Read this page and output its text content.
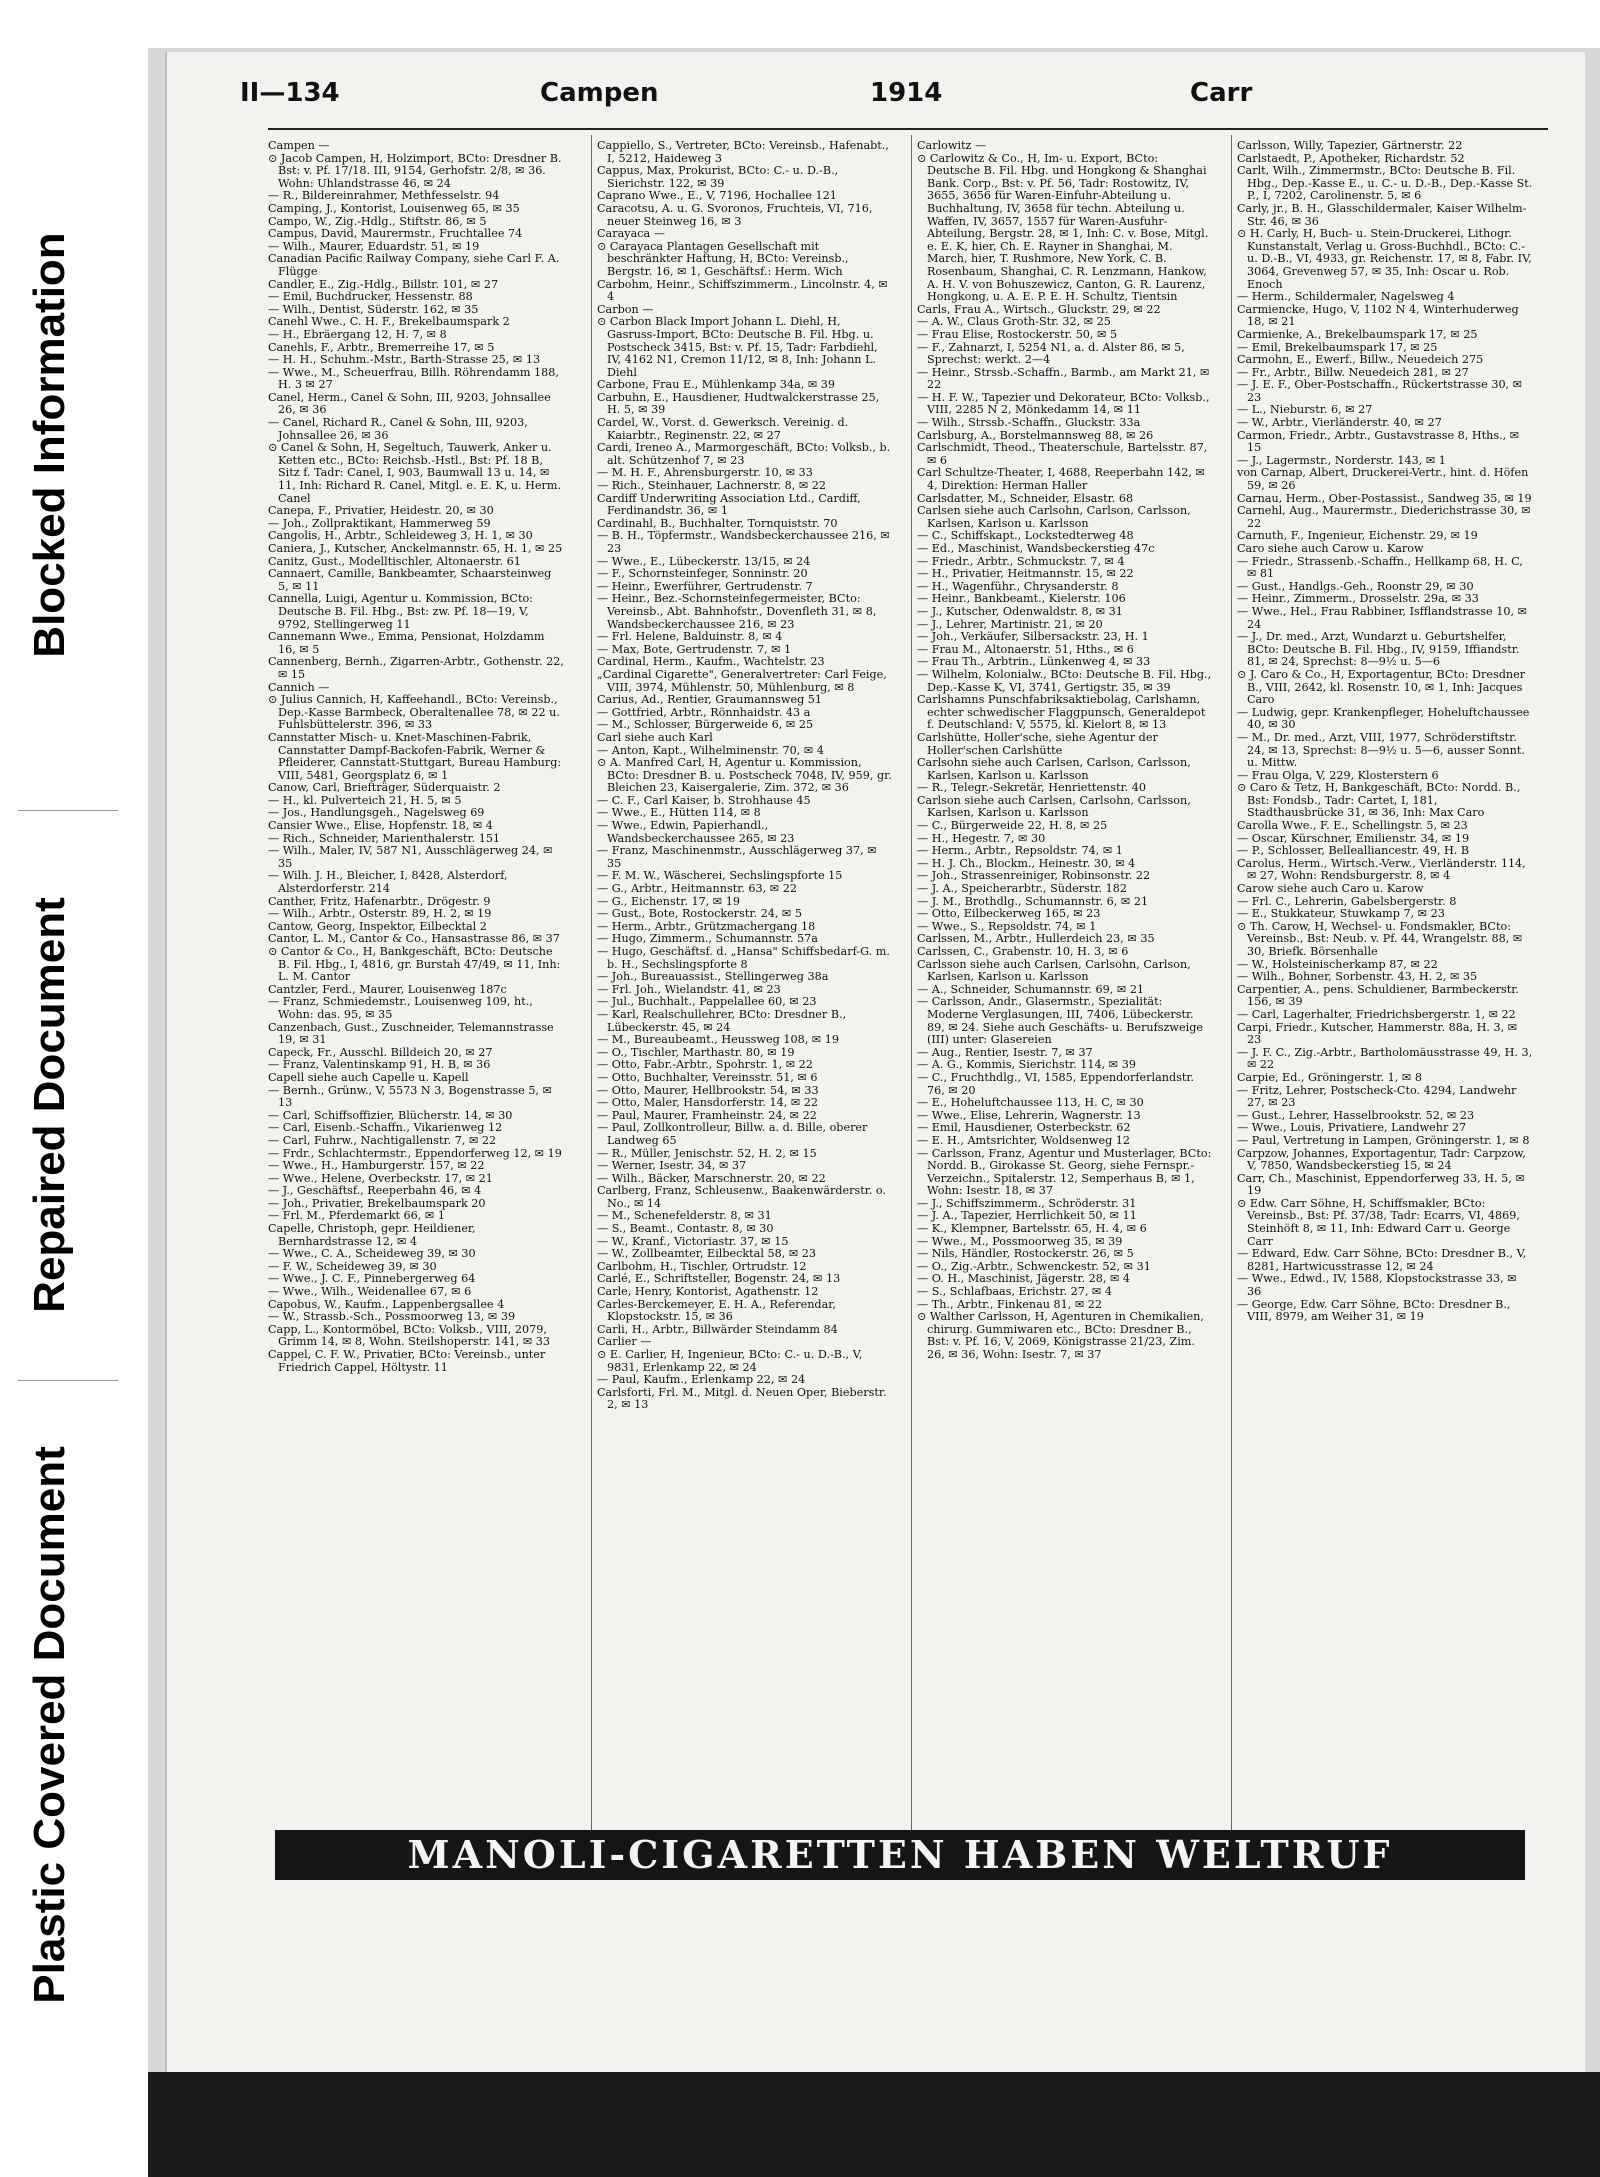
Blocked Information
Repaired Document
Plastic Covered Document
II—134	Campen	1914	Carr
Campen —
⊙ Jacob Campen, H, Holzimport, BCto: Dresdner B. Bst: v. Pf. 17/18. III, 9154, Gerhofstr. 2/8, ✉ 36. Wohn: Uhlandstrasse 46, ✉ 24
— R., Bildereinrahmer, Methfesselstr. 94
Camping, J., Kontorist, Louisenweg 65, ✉ 35
Campo, W., Zig.-Hdlg., Stiftstr. 86, ✉ 5
Campus, David, Maurermstr., Fruchtallee 74
— Wilh., Maurer, Eduardstr. 51, ✉ 19
Canadian Pacific Railway Company, siehe Carl F. A. Flügge
Candler, E., Zig.-Hdlg., Billstr. 101, ✉ 27
— Emil, Buchdrucker, Hessenstr. 88
— Wilh., Dentist, Süderstr. 162, ✉ 35
Canehl Wwe., C. H. F., Brekelbaumspark 2
— H., Ebräergang 12, H. 7, ✉ 8
Canehls, F., Arbtr., Bremerreihe 17, ✉ 5
— H. H., Schuhm.-Mstr., Barth-Strasse 25, ✉ 13
— Wwe., M., Scheuerfrau, Billh. Röhrendamm 188, H. 3 ✉ 27
Canel, Herm., Canel & Sohn, III, 9203, Johnsallee 26, ✉ 36
— Canel, Richard R., Canel & Sohn, III, 9203, Johnsallee 26, ✉ 36
⊙ Canel & Sohn, H, Segeltuch, Tauwerk, Anker u. Ketten etc., BCto: Reichsb.-Hstl., Bst: Pf. 18 B, Sitz f. Tadr: Canel, I, 903, Baumwall 13 u. 14, ✉ 11, Inh: Richard R. Canel, Mitgl. e. E. K, u. Herm. Canel
Canepa, F., Privatier, Heidestr. 20, ✉ 30
— Joh., Zollpraktikant, Hammerweg 59
Cangolis, H., Arbtr., Schleideweg 3, H. 1, ✉ 30
Caniera, J., Kutscher, Anckelmannstr. 65, H. 1, ✉ 25
Canitz, Gust., Modelltischler, Altonaerstr. 61
Cannaert, Camille, Bankbeamter, Schaarsteinweg 5, ✉ 11
Cannella, Luigi, Agentur u. Kommission, BCto: Deutsche B. Fil. Hbg., Bst: zw. Pf. 18—19, V, 9792, Stellingerweg 11
Cannemann Wwe., Emma, Pensionat, Holzdamm 16, ✉ 5
Cannenberg, Bernh., Zigarren-Arbtr., Gothenstr. 22, ✉ 15
Cannich —
⊙ Julius Cannich, H, Kaffeehandl., BCto: Vereinsb., Dep.-Kasse Barmbeck, Oberaltenallee 78, ✉ 22 u. Fuhlsbüttelerstr. 396, ✉ 33
Cannstatter Misch- u. Knet-Maschinen-Fabrik, Cannstatter Dampf-Backofen-Fabrik, Werner & Pfleiderer, Cannstatt-Stuttgart, Bureau Hamburg: VIII, 5481, Georgsplatz 6, ✉ 1
Canow, Carl, Briefträger, Süderquaistr. 2
— H., kl. Pulverteich 21, H. 5, ✉ 5
— Jos., Handlungsgeh., Nagelsweg 69
Cansier Wwe., Elise, Hopfenstr. 18, ✉ 4
— Rich., Schneider, Marienthalerstr. 151
— Wilh., Maler, IV, 587 N1, Ausschlägerweg 24, ✉ 35
— Wilh. J. H., Bleicher, I, 8428, Alsterdorf, Alsterdorferstr. 214
Canther, Fritz, Hafenarbtr., Drögestr. 9
— Wilh., Arbtr., Osterstr. 89, H. 2, ✉ 19
Cantow, Georg, Inspektor, Eilbecktal 2
Cantor, L. M., Cantor & Co., Hansastrasse 86, ✉ 37
⊙ Cantor & Co., H, Bankgeschäft, BCto: Deutsche B. Fil. Hbg., I, 4816, gr. Burstah 47/49, ✉ 11, Inh: L. M. Cantor
Cantzler, Ferd., Maurer, Louisenweg 187c
— Franz, Schmiedemstr., Louisenweg 109, ht., Wohn: das. 95, ✉ 35
Canzenbach, Gust., Zuschneider, Telemannstrasse 19, ✉ 31
Capeck, Fr., Ausschl. Billdeich 20, ✉ 27
— Franz, Valentinskamp 91, H. B, ✉ 36
Capell siehe auch Capelle u. Kapell
— Bernh., Grünw., V, 5573 N 3, Bogenstrasse 5, ✉ 13
— Carl, Schiffsoffizier, Blücherstr. 14, ✉ 30
— Carl, Eisenb.-Schaffn., Vikarienweg 12
— Carl, Fuhrw., Nachtigallenstr. 7, ✉ 22
— Frdr., Schlachtermstr., Eppendorferweg 12, ✉ 19
— Wwe., H., Hamburgerstr. 157, ✉ 22
— Wwe., Helene, Overbeckstr. 17, ✉ 21
— J., Geschäftsf., Reeperbahn 46, ✉ 4
— Joh., Privatier, Brekelbaumspark 20
— Frl. M., Pferdemarkt 66, ✉ 1
Capelle, Christoph, gepr. Heildiener, Bernhardstrasse 12, ✉ 4
— Wwe., C. A., Scheideweg 39, ✉ 30
— F. W., Scheideweg 39, ✉ 30
— Wwe., J. C. F., Pinnebergerweg 64
— Wwe., Wilh., Weidenallee 67, ✉ 6
Capobus, W., Kaufm., Lappenbergsallee 4
— W., Strassb.-Sch., Possmoorweg 13, ✉ 39
Capp, L., Kontormöbel, BCto: Volksb., VIII, 2079, Grimm 14, ✉ 8, Wohn. Steilshoperstr. 141, ✉ 33
Cappel, C. F. W., Privatier, BCto: Vereinsb., unter Friedrich Cappel, Höltystr. 11
Cappiello, S., Vertreter, BCto: Vereinsb., Hafenabt., I, 5212, Haideweg 3
Cappus, Max, Prokurist, BCto: C.- u. D.-B., Sierichstr. 122, ✉ 39
Caprano Wwe., E., V, 7196, Hochallee 121
Caracotsu, A. u. G. Svoronos, Fruchteis, VI, 716, neuer Steinweg 16, ✉ 3
Carayaca —
⊙ Carayaca Plantagen Gesellschaft mit beschränkter Haftung, H, BCto: Vereinsb., Bergstr. 16, ✉ 1, Geschäftsf.: Herm. Wich
Carbohm, Heinr., Schiffszimmerm., Lincolnstr. 4, ✉ 4
Carbon —
⊙ Carbon Black Import Johann L. Diehl, H, Gasruss-Import, BCto: Deutsche B. Fil. Hbg. u. Postscheck 3415, Bst: v. Pf. 15, Tadr: Farbdiehl, IV, 4162 N1, Cremon 11/12, ✉ 8, Inh: Johann L. Diehl
Carbone, Frau E., Mühlenkamp 34a, ✉ 39
Carbuhn, E., Hausdiener, Hudtwalckerstrasse 25, H. 5, ✉ 39
Cardel, W., Vorst. d. Gewerksch. Vereinig. d. Kaiarbtr., Reginenstr. 22, ✉ 27
Cardi, Ireneo A., Marmorgeschäft, BCto: Volksb., b. alt. Schützenhof 7, ✉ 23
— M. H. F., Ahrensburgerstr. 10, ✉ 33
— Rich., Steinhauer, Lachnerstr. 8, ✉ 22
Cardiff Underwriting Association Ltd., Cardiff, Ferdinandstr. 36, ✉ 1
Cardinahl, B., Buchhalter, Tornquiststr. 70
— B. H., Töpfermstr., Wandsbeckerchaussee 216, ✉ 23
— Wwe., E., Lübeckerstr. 13/15, ✉ 24
— F., Schornsteinfeger, Sonninstr. 20
— Heinr., Ewerführer, Gertrudenstr. 7
— Heinr., Bez.-Schornsteinfegermeister, BCto: Vereinsb., Abt. Bahnhofstr., Dovenfleth 31, ✉ 8, Wandsbeckerchaussee 216, ✉ 23
— Frl. Helene, Balduinstr. 8, ✉ 4
— Max, Bote, Gertrudenstr. 7, ✉ 1
Cardinal, Herm., Kaufm., Wachtelstr. 23
„Cardinal Cigarette", Generalvertreter: Carl Feige, VIII, 3974, Mühlenstr. 50, Mühlenburg, ✉ 8
Carius, Ad., Rentier, Graumannsweg 51
— Gottfried, Arbtr., Rönnhaidstr. 43 a
— M., Schlosser, Bürgerweide 6, ✉ 25
Carl siehe auch Karl
— Anton, Kapt., Wilhelminenstr. 70, ✉ 4
⊙ A. Manfred Carl, H, Agentur u. Kommission, BCto: Dresdner B. u. Postscheck 7048, IV, 959, gr. Bleichen 23, Kaisergalerie, Zim. 372, ✉ 36
— C. F., Carl Kaiser, b. Strohhause 45
— Wwe., E., Hütten 114, ✉ 8
— Wwe., Edwin, Papierhandl., Wandsbeckerchaussee 265, ✉ 23
— Franz, Maschinenmstr., Ausschlägerweg 37, ✉ 35
— F. M. W., Wäscherei, Sechslingspforte 15
— G., Arbtr., Heitmannstr. 63, ✉ 22
— G., Eichenstr. 17, ✉ 19
— Gust., Bote, Rostockerstr. 24, ✉ 5
— Herm., Arbtr., Grützmachergang 18
— Hugo, Zimmerm., Schumannstr. 57a
— Hugo, Geschäftsf. d. „Hansa" Schiffsbedarf-G. m. b. H., Sechslingspforte 8
— Joh., Bureauassist., Stellingerweg 38a
— Frl. Joh., Wielandstr. 41, ✉ 23
— Jul., Buchhalt., Pappelallee 60, ✉ 23
— Karl, Realschullehrer, BCto: Dresdner B., Lübeckerstr. 45, ✉ 24
— M., Bureaubeamt., Heussweg 108, ✉ 19
— O., Tischler, Marthastr. 80, ✉ 19
— Otto, Fabr.-Arbtr., Spohrstr. 1, ✉ 22
— Otto, Buchhalter, Vereinsstr. 51, ✉ 6
— Otto, Maurer, Hellbrookstr. 54, ✉ 33
— Otto, Maler, Hansdorferstr. 14, ✉ 22
— Paul, Maurer, Framheinstr. 24, ✉ 22
— Paul, Zollkontrolleur, Billw. a. d. Bille, oberer Landweg 65
— R., Müller, Jenischstr. 52, H. 2, ✉ 15
— Werner, Isestr. 34, ✉ 37
— Wilh., Bäcker, Marschnerstr. 20, ✉ 22
Carlberg, Franz, Schleusenw., Baakenwärderstr. o. No., ✉ 14
— M., Schenefelderstr. 8, ✉ 31
— S., Beamt., Contastr. 8, ✉ 30
— W., Kranf., Victoriastr. 37, ✉ 15
— W., Zollbeamter, Eilbecktal 58, ✉ 23
Carlbohm, H., Tischler, Ortrudstr. 12
Carlé, E., Schriftsteller, Bogenstr. 24, ✉ 13
Carle, Henry, Kontorist, Agathenstr. 12
Carles-Berckemeyer, E. H. A., Referendar, Klopstockstr. 15, ✉ 36
Carli, H., Arbtr., Billwärder Steindamm 84
Carlier —
⊙ E. Carlier, H, Ingenieur, BCto: C.- u. D.-B., V, 9831, Erlenkamp 22, ✉ 24
— Paul, Kaufm., Erlenkamp 22, ✉ 24
Carlsforti, Frl. M., Mitgl. d. Neuen Oper, Bieberstr. 2, ✉ 13
Carlowitz —
⊙ Carlowitz & Co., H, Im- u. Export, BCto: Deutsche B. Fil. Hbg. und Hongkong & Shanghai Bank. Corp., Bst: v. Pf. 56, Tadr: Rostowitz, IV, 3655, 3656 für Waren-Einfuhr-Abteilung u. Buchhaltung, IV, 3658 für techn. Abteilung u. Waffen, IV, 3657, 1557 für Waren-Ausfuhr-Abteilung, Bergstr. 28, ✉ 1, Inh: C. v. Bose, Mitgl. e. E. K, hier, Ch. E. Rayner in Shanghai, M. March, hier, T. Rushmore, New York, C. B. Rosenbaum, Shanghai, C. R. Lenzmann, Hankow, A. H. V. von Bohuszewicz, Canton, G. R. Laurenz, Hongkong, u. A. E. P. E. H. Schultz, Tientsin
Carls, Frau A., Wirtsch., Gluckstr. 29, ✉ 22
— A. W., Claus Groth-Str. 32, ✉ 25
— Frau Elise, Rostockerstr. 50, ✉ 5
— F., Zahnarzt, I, 5254 N1, a. d. Alster 86, ✉ 5, Sprechst: werkt. 2—4
— Heinr., Strssb.-Schaffn., Barmb., am Markt 21, ✉ 22
— H. F. W., Tapezier und Dekorateur, BCto: Volksb., VIII, 2285 N 2, Mönkedamm 14, ✉ 11
— Wilh., Strssb.-Schaffn., Gluckstr. 33a
Carlsburg, A., Borstelmannsweg 88, ✉ 26
Carlschmidt, Theod., Theaterschule, Bartelsstr. 87, ✉ 6
Carl Schultze-Theater, I, 4688, Reeperbahn 142, ✉ 4, Direktion: Herman Haller
Carlsdatter, M., Schneider, Elsastr. 68
Carlsen siehe auch Carlsohn, Carlson, Carlsson, Karlsen, Karlson u. Karlsson
— C., Schiffskapt., Lockstedterweg 48
— Ed., Maschinist, Wandsbeckerstieg 47c
— Friedr., Arbtr., Schmuckstr. 7, ✉ 4
— H., Privatier, Heitmannstr. 15, ✉ 22
— H., Wagenführ., Chrysanderstr. 8
— Heinr., Bankbeamt., Kielerstr. 106
— J., Kutscher, Odenwaldstr. 8, ✉ 31
— J., Lehrer, Martinistr. 21, ✉ 20
— Joh., Verkäufer, Silbersackstr. 23, H. 1
— Frau M., Altonaerstr. 51, Hths., ✉ 6
— Frau Th., Arbtrin., Lünkenweg 4, ✉ 33
— Wilhelm, Kolonialw., BCto: Deutsche B. Fil. Hbg., Dep.-Kasse K, VI, 3741, Gertigstr. 35, ✉ 39
Carlshamns Punschfabriksaktiebolag, Carlshamn, echter schwedischer Flaggpunsch, Generaldepot f. Deutschland: V, 5575, kl. Kielort 8, ✉ 13
Carlshütte, Holler'sche, siehe Agentur der Holler'schen Carlshütte
Carlsohn siehe auch Carlsen, Carlson, Carlsson, Karlsen, Karlson u. Karlsson
— R., Telegr.-Sekretär, Henriettenstr. 40
Carlson siehe auch Carlsen, Carlsohn, Carlsson, Karlsen, Karlson u. Karlsson
— C., Bürgerweide 22, H. 8, ✉ 25
— H., Hegestr. 7, ✉ 30
— Herm., Arbtr., Repsoldstr. 74, ✉ 1
— H. J. Ch., Blockm., Heinestr. 30, ✉ 4
— Joh., Strassenreiniger, Robinsonstr. 22
— J. A., Speicherarbtr., Süderstr. 182
— J. M., Brothdlg., Schumannstr. 6, ✉ 21
— Otto, Eilbeckerweg 165, ✉ 23
— Wwe., S., Repsoldstr. 74, ✉ 1
Carlssen, M., Arbtr., Hullerdeich 23, ✉ 35
Carlssen, C., Grabenstr. 10, H. 3, ✉ 6
Carlsson siehe auch Carlsen, Carlsohn, Carlson, Karlsen, Karlson u. Karlsson
— A., Schneider, Schumannstr. 69, ✉ 21
— Carlsson, Andr., Glasermstr., Spezialität: Moderne Verglasungen, III, 7406, Lübeckerstr. 89, ✉ 24. Siehe auch Geschäfts- u. Berufszweige (III) unter: Glasereien
— Aug., Rentier, Isestr. 7, ✉ 37
— A. G., Kommis, Sierichstr. 114, ✉ 39
— C., Fruchthdlg., VI, 1585, Eppendorferlandstr. 76, ✉ 20
— E., Hoheluftchaussee 113, H. C, ✉ 30
— Wwe., Elise, Lehrerin, Wagnerstr. 13
— Emil, Hausdiener, Osterbeckstr. 62
— E. H., Amtsrichter, Woldsenweg 12
— Carlsson, Franz, Agentur und Musterlager, BCto: Nordd. B., Girokasse St. Georg, siehe Fernspr.-Verzeichn., Spitalerstr. 12, Semperhaus B, ✉ 1, Wohn: Isestr. 18, ✉ 37
— J., Schiffszimmerm., Schröderstr. 31
— J. A., Tapezier, Herrlichkeit 50, ✉ 11
— K., Klempner, Bartelsstr. 65, H. 4, ✉ 6
— Wwe., M., Possmoorweg 35, ✉ 39
— Nils, Händler, Rostockerstr. 26, ✉ 5
— O., Zig.-Arbtr., Schwenckestr. 52, ✉ 31
— O. H., Maschinist, Jägerstr. 28, ✉ 4
— S., Schlafbaas, Erichstr. 27, ✉ 4
— Th., Arbtr., Finkenau 81, ✉ 22
⊙ Walther Carlsson, H, Agenturen in Chemikalien, chirurg. Gummiwaren etc., BCto: Dresdner B., Bst: v. Pf. 16, V, 2069, Königstrasse 21/23, Zim. 26, ✉ 36, Wohn: Isestr. 7, ✉ 37
Carlsson, Willy, Tapezier, Gärtnerstr. 22
Carlstaedt, P., Apotheker, Richardstr. 52
Carlt, Wilh., Zimmermstr., BCto: Deutsche B. Fil. Hbg., Dep.-Kasse E., u. C.- u. D.-B., Dep.-Kasse St. P., I, 7202, Carolinenstr. 5, ✉ 6
Carly, jr., B. H., Glasschildermaler, Kaiser Wilhelm-Str. 46, ✉ 36
⊙ H. Carly, H, Buch- u. Stein-Druckerei, Lithogr. Kunstanstalt, Verlag u. Gross-Buchhdl., BCto: C.- u. D.-B., VI, 4933, gr. Reichenstr. 17, ✉ 8, Fabr. IV, 3064, Grevenweg 57, ✉ 35, Inh: Oscar u. Rob. Enoch
— Herm., Schildermaler, Nagelsweg 4
Carmiencke, Hugo, V, 1102 N 4, Winterhuderweg 18, ✉ 21
Carmienke, A., Brekelbaumspark 17, ✉ 25
— Emil, Brekelbaumspark 17, ✉ 25
Carmohn, E., Ewerf., Billw., Neuedeich 275
— Fr., Arbtr., Billw. Neuedeich 281, ✉ 27
— J. E. F., Ober-Postschaffn., Rückertstrasse 30, ✉ 23
— L., Nieburstr. 6, ✉ 27
— W., Arbtr., Vierländerstr. 40, ✉ 27
Carmon, Friedr., Arbtr., Gustavstrasse 8, Hths., ✉ 15
— J., Lagermstr., Norderstr. 143, ✉ 1
von Carnap, Albert, Druckerei-Vertr., hint. d. Höfen 59, ✉ 26
Carnau, Herm., Ober-Postassist., Sandweg 35, ✉ 19
Carnehl, Aug., Maurermstr., Diederichstrasse 30, ✉ 22
Carnuth, F., Ingenieur, Eichenstr. 29, ✉ 19
Caro siehe auch Carow u. Karow
— Friedr., Strassenb.-Schaffn., Hellkamp 68, H. C, ✉ 81
— Gust., Handlgs.-Geh., Roonstr 29, ✉ 30
— Heinr., Zimmerm., Drosselstr. 29a, ✉ 33
— Wwe., Hel., Frau Rabbiner, Isfflandstrasse 10, ✉ 24
— J., Dr. med., Arzt, Wundarzt u. Geburtshelfer, BCto: Deutsche B. Fil. Hbg., IV, 9159, Iffiandstr. 81, ✉ 24, Sprechst: 8—9½ u. 5—6
⊙ J. Caro & Co., H, Exportagentur, BCto: Dresdner B., VIII, 2642, kl. Rosenstr. 10, ✉ 1, Inh: Jacques Caro
— Ludwig, gepr. Krankenpfleger, Hoheluftchaussee 40, ✉ 30
— M., Dr. med., Arzt, VIII, 1977, Schröderstiftstr. 24, ✉ 13, Sprechst: 8—9½ u. 5—6, ausser Sonnt. u. Mittw.
— Frau Olga, V, 229, Klosterstern 6
⊙ Caro & Tetz, H, Bankgeschäft, BCto: Nordd. B., Bst: Fondsb., Tadr: Cartet, I, 181, Stadthausbrücke 31, ✉ 36, Inh: Max Caro
Carolla Wwe., F. E., Schellingstr. 5, ✉ 23
— Oscar, Kürschner, Emilienstr. 34, ✉ 19
— P., Schlosser, Bellealliancestr. 49, H. B
Carolus, Herm., Wirtsch.-Verw., Vierländerstr. 114, ✉ 27, Wohn: Rendsburgerstr. 8, ✉ 4
Carow siehe auch Caro u. Karow
— Frl. C., Lehrerin, Gabelsbergerstr. 8
— E., Stukkateur, Stuwkamp 7, ✉ 23
⊙ Th. Carow, H, Wechsel- u. Fondsmakler, BCto: Vereinsb., Bst: Neub. v. Pf. 44, Wrangelstr. 88, ✉ 30, Briefk. Börsenhalle
— W., Holsteinischerkamp 87, ✉ 22
— Wilh., Bohner, Sorbenstr. 43, H. 2, ✉ 35
Carpentier, A., pens. Schuldiener, Barmbeckerstr. 156, ✉ 39
— Carl, Lagerhalter, Friedrichsbergerstr. 1, ✉ 22
Carpi, Friedr., Kutscher, Hammerstr. 88a, H. 3, ✉ 23
— J. F. C., Zig.-Arbtr., Bartholomäusstrasse 49, H. 3, ✉ 22
Carpie, Ed., Gröningerstr. 1, ✉ 8
— Fritz, Lehrer, Postscheck-Cto. 4294, Landwehr 27, ✉ 23
— Gust., Lehrer, Hasselbrookstr. 52, ✉ 23
— Wwe., Louis, Privatiere, Landwehr 27
— Paul, Vertretung in Lampen, Gröningerstr. 1, ✉ 8
Carpzow, Johannes, Exportagentur, Tadr: Carpzow, V, 7850, Wandsbeckerstieg 15, ✉ 24
Carr, Ch., Maschinist, Eppendorferweg 33, H. 5, ✉ 19
⊙ Edw. Carr Söhne, H, Schiffsmakler, BCto: Vereinsb., Bst: Pf. 37/38, Tadr: Ecarrs, VI, 4869, Steinhöft 8, ✉ 11, Inh: Edward Carr u. George Carr
— Edward, Edw. Carr Söhne, BCto: Dresdner B., V, 8281, Hartwicusstrasse 12, ✉ 24
— Wwe., Edwd., IV, 1588, Klopstockstrasse 33, ✉ 36
— George, Edw. Carr Söhne, BCto: Dresdner B., VIII, 8979, am Weiher 31, ✉ 19
MANOLI-CIGARETTEN HABEN WELTRUF
